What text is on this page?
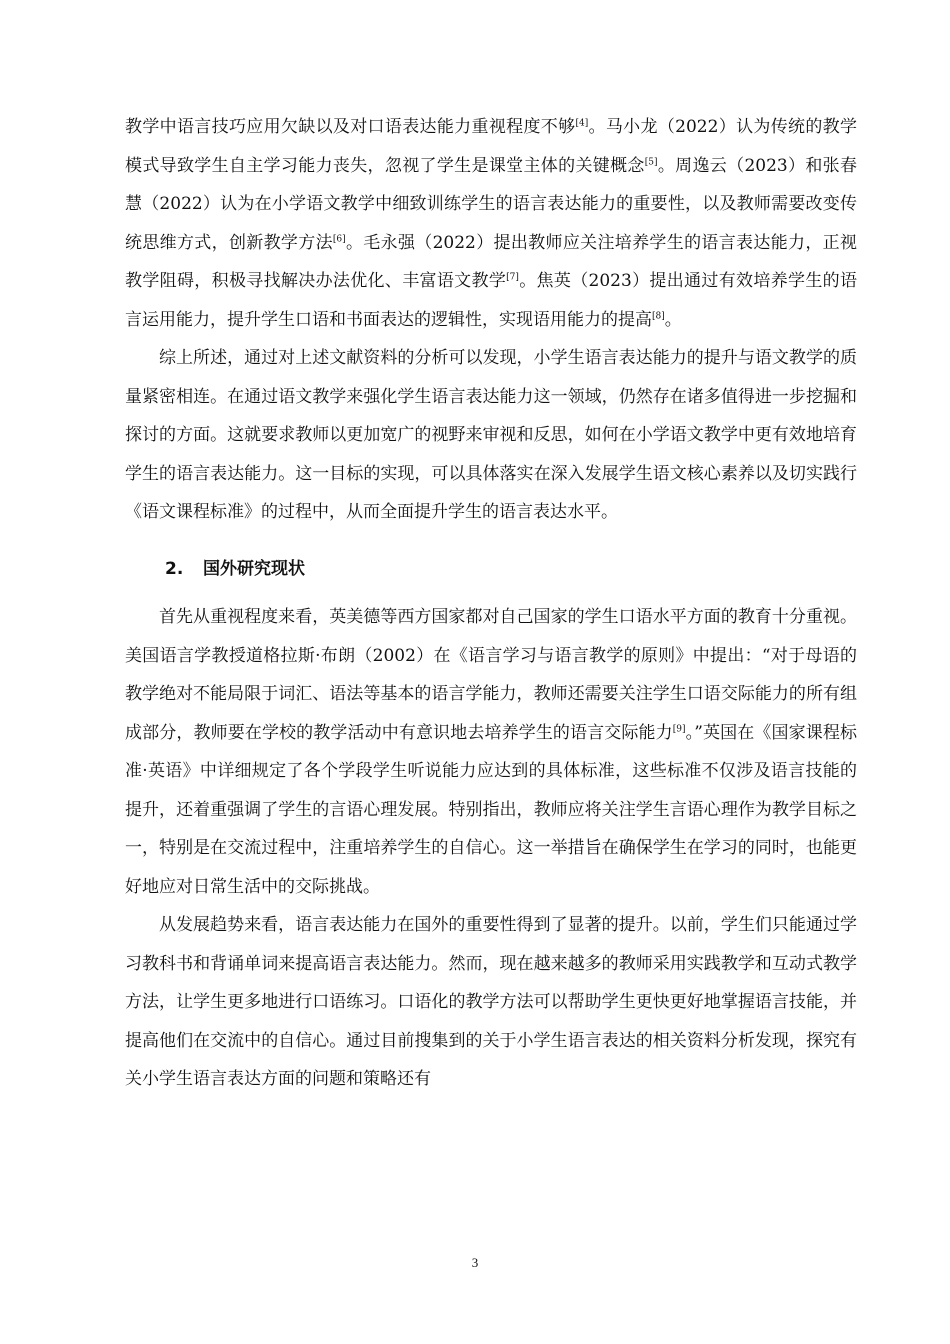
教学中语言技巧应用欠缺以及对口语表达能力重视程度不够[4]。马小龙（2022）认为传统的教学模式导致学生自主学习能力丧失，忽视了学生是课堂主体的关键概念[5]。周逸云（2023）和张春慧（2022）认为在小学语文教学中细致训练学生的语言表达能力的重要性，以及教师需要改变传统思维方式，创新教学方法[6]。毛永强（2022）提出教师应关注培养学生的语言表达能力，正视教学阻碍，积极寻找解决办法优化、丰富语文教学[7]。焦英（2023）提出通过有效培养学生的语言运用能力，提升学生口语和书面表达的逻辑性，实现语用能力的提高[8]。

综上所述，通过对上述文献资料的分析可以发现，小学生语言表达能力的提升与语文教学的质量紧密相连。在通过语文教学来强化学生语言表达能力这一领域，仍然存在诸多值得进一步挖掘和探讨的方面。这就要求教师以更加宽广的视野来审视和反思，如何在小学语文教学中更有效地培育学生的语言表达能力。这一目标的实现，可以具体落实在深入发展学生语文核心素养以及切实践行《语文课程标准》的过程中，从而全面提升学生的语言表达水平。

2. 国外研究现状

首先从重视程度来看，英美德等西方国家都对自己国家的学生口语水平方面的教育十分重视。美国语言学教授道格拉斯·布朗（2002）在《语言学习与语言教学的原则》中提出：“对于母语的教学绝对不能局限于词汇、语法等基本的语言学能力，教师还需要关注学生口语交际能力的所有组成部分，教师要在学校的教学活动中有意识地去培养学生的语言交际能力[9]。”英国在《国家课程标准·英语》中详细规定了各个学段学生听说能力应达到的具体标准，这些标准不仅涉及语言技能的提升，还着重强调了学生的言语心理发展。特别指出，教师应将关注学生言语心理作为教学目标之一，特别是在交流过程中，注重培养学生的自信心。这一举措旨在确保学生在学习的同时，也能更好地应对日常生活中的交际挑战。

从发展趋势来看，语言表达能力在国外的重要性得到了显著的提升。以前，学生们只能通过学习教科书和背诵单词来提高语言表达能力。然而，现在越来越多的教师采用实践教学和互动式教学方法，让学生更多地进行口语练习。口语化的教学方法可以帮助学生更快更好地掌握语言技能，并提高他们在交流中的自信心。通过目前搜集到的关于小学生语言表达的相关资料分析发现，探究有关小学生语言表达方面的问题和策略还有

3
